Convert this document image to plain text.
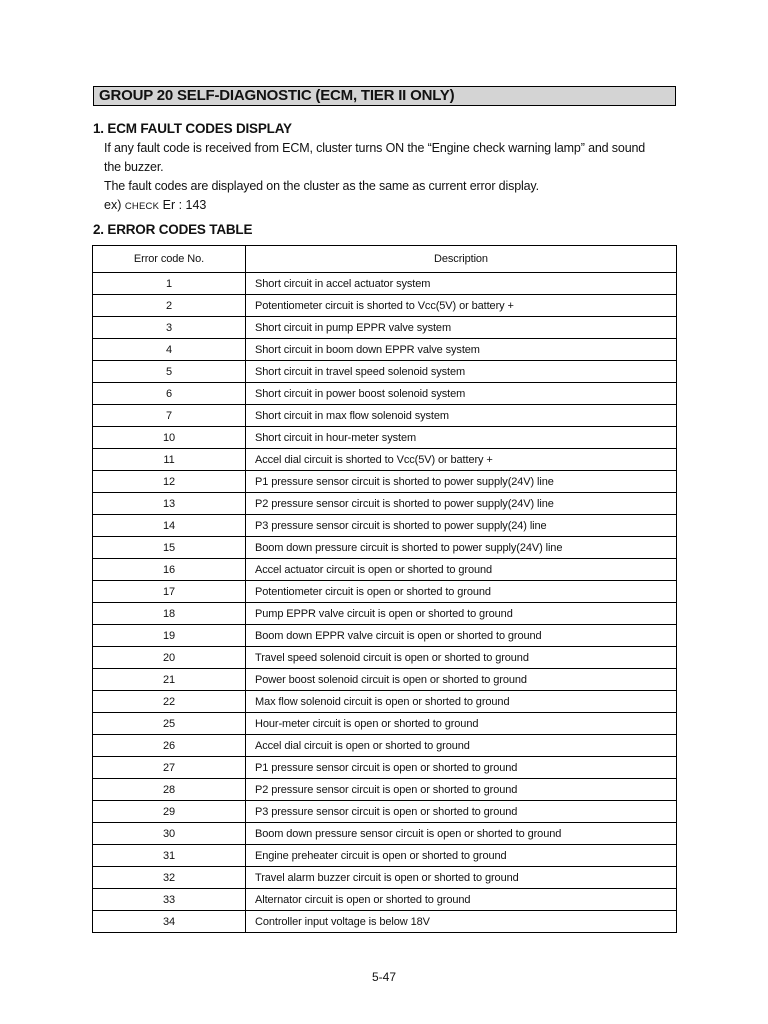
GROUP 20 SELF-DIAGNOSTIC (ECM, TIER II ONLY)
1. ECM FAULT CODES DISPLAY
If any fault code is received from ECM, cluster turns ON the “Engine check warning lamp” and sound
the buzzer.
The fault codes are displayed on the cluster as the same as current error display.
ex) CHECK Er : 143
2. ERROR CODES TABLE
Error code No.	Description
1	Short circuit in accel actuator system
2	Potentiometer circuit is shorted to Vcc(5V) or battery +
3	Short circuit in pump EPPR valve system
4	Short circuit in boom down EPPR valve system
5	Short circuit in travel speed solenoid system
6	Short circuit in power boost solenoid system
7	Short circuit in max flow solenoid system
10	Short circuit in hour-meter system
11	Accel dial circuit is shorted to Vcc(5V) or battery +
12	P1 pressure sensor circuit is shorted to power supply(24V) line
13	P2 pressure sensor circuit is shorted to power supply(24V) line
14	P3 pressure sensor circuit is shorted to power supply(24) line
15	Boom down pressure circuit is shorted to power supply(24V) line
16	Accel actuator circuit is open or shorted to ground
17	Potentiometer circuit is open or shorted to ground
18	Pump EPPR valve circuit is open or shorted to ground
19	Boom down EPPR valve circuit is open or shorted to ground
20	Travel speed solenoid circuit is open or shorted to ground
21	Power boost solenoid circuit is open or shorted to ground
22	Max flow solenoid circuit is open or shorted to ground
25	Hour-meter circuit is open or shorted to ground
26	Accel dial circuit is open or shorted to ground
27	P1 pressure sensor circuit is open or shorted to ground
28	P2 pressure sensor circuit is open or shorted to ground
29	P3 pressure sensor circuit is open or shorted to ground
30	Boom down pressure sensor circuit is open or shorted to ground
31	Engine preheater circuit is open or shorted to ground
32	Travel alarm buzzer circuit is open or shorted to ground
33	Alternator circuit is open or shorted to ground
34	Controller input voltage is below 18V
5-47
